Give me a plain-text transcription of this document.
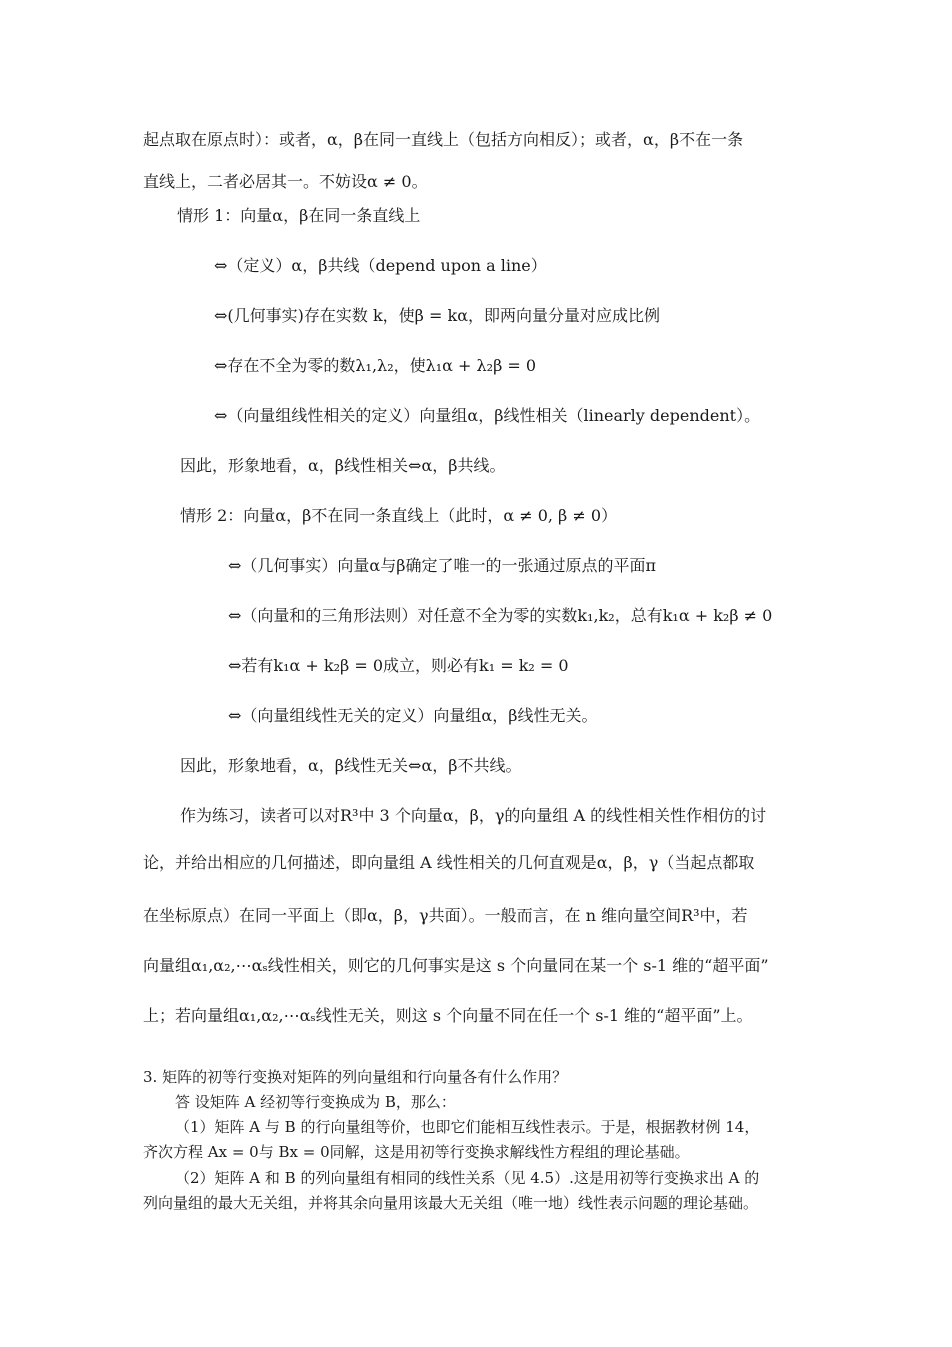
起点取在原点时）：或者，α，β在同一直线上（包括方向相反）；或者，α，β不在一条
直线上，二者必居其一。不妨设α ≠ 0。
情形 1：向量α，β在同一条直线上
⇔（定义）α，β共线（depend upon a line）
⇔(几何事实)存在实数 k，使β = kα，即两向量分量对应成比例
⇔存在不全为零的数λ₁,λ₂，使λ₁α + λ₂β = 0
⇔（向量组线性相关的定义）向量组α，β线性相关（linearly dependent）。
因此，形象地看，α，β线性相关⇔α，β共线。
情形 2：向量α，β不在同一条直线上（此时，α ≠ 0, β ≠ 0）
⇔（几何事实）向量α与β确定了唯一的一张通过原点的平面π
⇔（向量和的三角形法则）对任意不全为零的实数k₁,k₂，总有k₁α + k₂β ≠ 0
⇔若有k₁α + k₂β = 0成立，则必有k₁ = k₂ = 0
⇔（向量组线性无关的定义）向量组α，β线性无关。
因此，形象地看，α，β线性无关⇔α，β不共线。
作为练习，读者可以对R³中 3 个向量α，β，γ的向量组 A 的线性相关性作相仿的讨
论，并给出相应的几何描述，即向量组 A 线性相关的几何直观是α，β，γ（当起点都取
在坐标原点）在同一平面上（即α，β，γ共面）。一般而言，在 n 维向量空间R³中，若
向量组α₁,α₂,⋯αₛ线性相关，则它的几何事实是这 s 个向量同在某一个 s-1 维的“超平面”
上；若向量组α₁,α₂,⋯αₛ线性无关，则这 s 个向量不同在任一个 s-1 维的“超平面”上。
3. 矩阵的初等行变换对矩阵的列向量组和行向量各有什么作用？
答 设矩阵 A 经初等行变换成为 B，那么：
（1）矩阵 A 与 B 的行向量组等价，也即它们能相互线性表示。于是，根据教材例 14，
齐次方程 Ax = 0与 Bx = 0同解，这是用初等行变换求解线性方程组的理论基础。
（2）矩阵 A 和 B 的列向量组有相同的线性关系（见 4.5）.这是用初等行变换求出 A 的
列向量组的最大无关组，并将其余向量用该最大无关组（唯一地）线性表示问题的理论基础。
